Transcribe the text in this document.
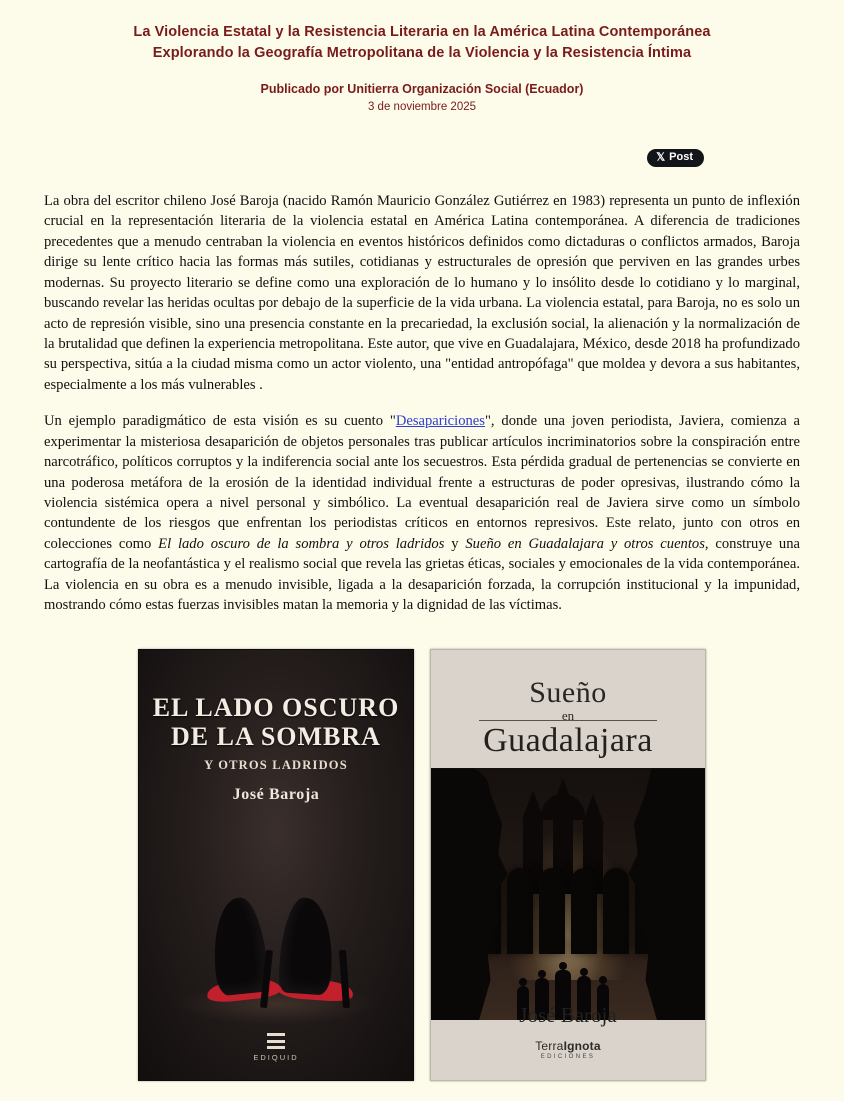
La Violencia Estatal y la Resistencia Literaria en la América Latina Contemporánea
Explorando la Geografía Metropolitana de la Violencia y la Resistencia Íntima
Publicado por Unitierra Organización Social (Ecuador)
3 de noviembre 2025
𝕏 Post

La obra del escritor chileno José Baroja (nacido Ramón Mauricio González Gutiérrez en 1983) representa un punto de inflexión crucial en la representación literaria de la violencia estatal en América Latina contemporánea. A diferencia de tradiciones precedentes que a menudo centraban la violencia en eventos históricos definidos como dictaduras o conflictos armados, Baroja dirige su lente crítico hacia las formas más sutiles, cotidianas y estructurales de opresión que perviven en las grandes urbes modernas. Su proyecto literario se define como una exploración de lo humano y lo insólito desde lo cotidiano y lo marginal, buscando revelar las heridas ocultas por debajo de la superficie de la vida urbana. La violencia estatal, para Baroja, no es solo un acto de represión visible, sino una presencia constante en la precariedad, la exclusión social, la alienación y la normalización de la brutalidad que definen la experiencia metropolitana. Este autor, que vive en Guadalajara, México, desde 2018 ha profundizado su perspectiva, sitúa a la ciudad misma como un actor violento, una "entidad antropófaga" que moldea y devora a sus habitantes, especialmente a los más vulnerables .

Un ejemplo paradigmático de esta visión es su cuento "Desapariciones", donde una joven periodista, Javiera, comienza a experimentar la misteriosa desaparición de objetos personales tras publicar artículos incriminatorios sobre la conspiración entre narcotráfico, políticos corruptos y la indiferencia social ante los secuestros. Esta pérdida gradual de pertenencias se convierte en una poderosa metáfora de la erosión de la identidad individual frente a estructuras de poder opresivas, ilustrando cómo la violencia sistémica opera a nivel personal y simbólico. La eventual desaparición real de Javiera sirve como un símbolo contundente de los riesgos que enfrentan los periodistas críticos en entornos represivos. Este relato, junto con otros en colecciones como El lado oscuro de la sombra y otros ladridos y Sueño en Guadalajara y otros cuentos, construye una cartografía de la neofantástica y el realismo social que revela las grietas éticas, sociales y emocionales de la vida contemporánea. La violencia en su obra es a menudo invisible, ligada a la desaparición forzada, la corrupción institucional y la impunidad, mostrando cómo estas fuerzas invisibles matan la memoria y la dignidad de las víctimas.

EL LADO OSCURO DE LA SOMBRA
Y OTROS LADRIDOS
José Baroja
EDIQUID
Sueño
en
Guadalajara
José Baroja
TerraIgnota
EDICIONES
